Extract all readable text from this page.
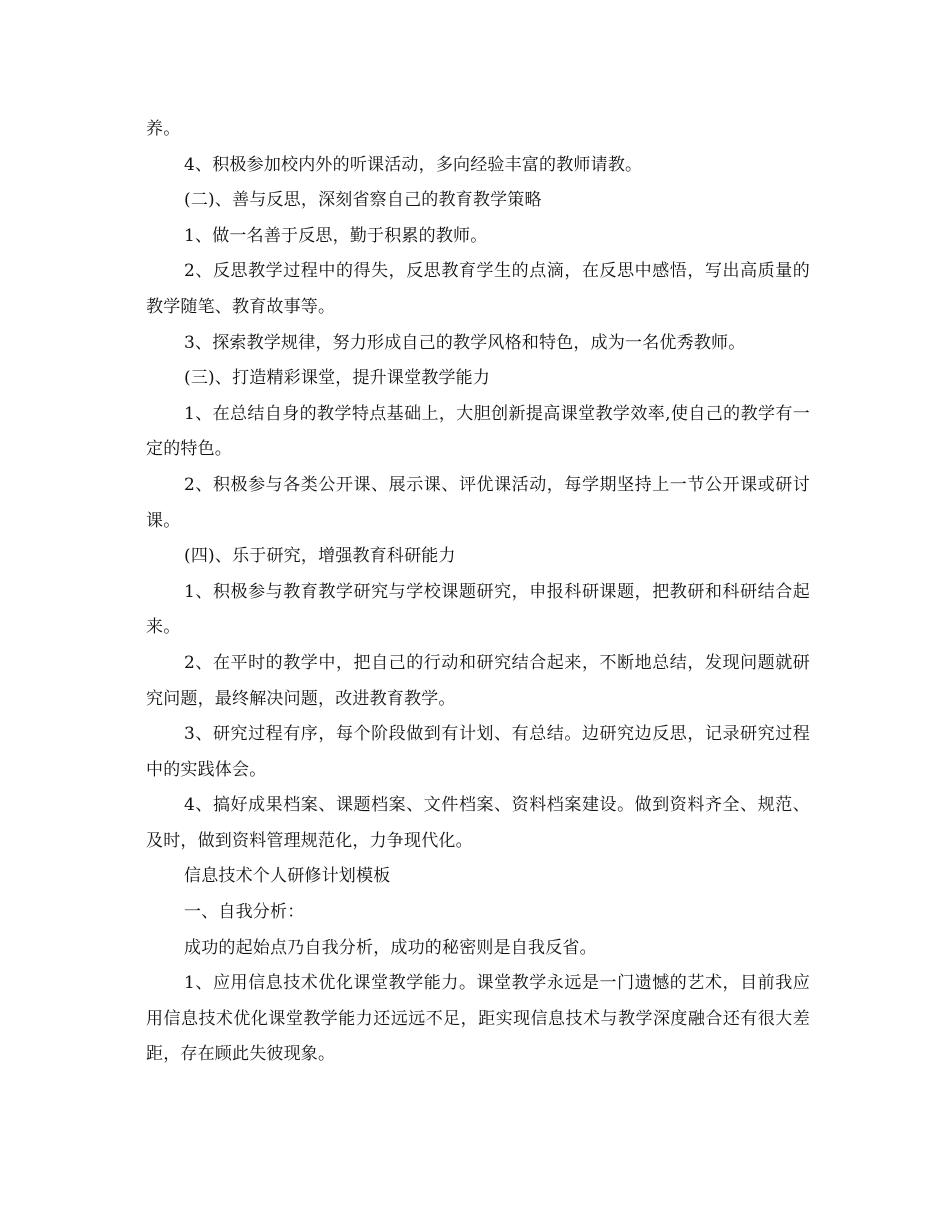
养。

4、积极参加校内外的听课活动，多向经验丰富的教师请教。

(二)、善与反思，深刻省察自己的教育教学策略

1、做一名善于反思，勤于积累的教师。

2、反思教学过程中的得失，反思教育学生的点滴，在反思中感悟，写出高质量的教学随笔、教育故事等。

3、探索教学规律，努力形成自己的教学风格和特色，成为一名优秀教师。

(三)、打造精彩课堂，提升课堂教学能力

1、在总结自身的教学特点基础上，大胆创新提高课堂教学效率,使自己的教学有一定的特色。

2、积极参与各类公开课、展示课、评优课活动，每学期坚持上一节公开课或研讨课。

(四)、乐于研究，增强教育科研能力

1、积极参与教育教学研究与学校课题研究，申报科研课题，把教研和科研结合起来。

2、在平时的教学中，把自己的行动和研究结合起来，不断地总结，发现问题就研究问题，最终解决问题，改进教育教学。

3、研究过程有序，每个阶段做到有计划、有总结。边研究边反思，记录研究过程中的实践体会。

4、搞好成果档案、课题档案、文件档案、资料档案建设。做到资料齐全、规范、及时，做到资料管理规范化，力争现代化。

信息技术个人研修计划模板

一、自我分析：

成功的起始点乃自我分析，成功的秘密则是自我反省。

1、应用信息技术优化课堂教学能力。课堂教学永远是一门遗憾的艺术，目前我应用信息技术优化课堂教学能力还远远不足，距实现信息技术与教学深度融合还有很大差距，存在顾此失彼现象。
